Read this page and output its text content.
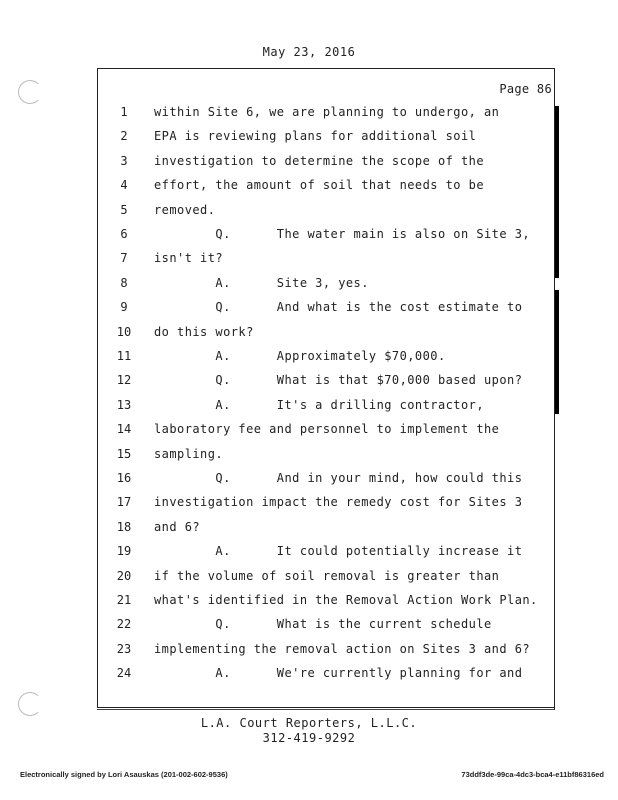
May 23, 2016
Page 86
1	within Site 6, we are planning to undergo, an
2	EPA is reviewing plans for additional soil
3	investigation to determine the scope of the
4	effort, the amount of soil that needs to be
5	removed.
6	Q.      The water main is also on Site 3,
7	isn't it?
8	A.      Site 3, yes.
9	Q.      And what is the cost estimate to
10	do this work?
11	A.      Approximately $70,000.
12	Q.      What is that $70,000 based upon?
13	A.      It's a drilling contractor,
14	laboratory fee and personnel to implement the
15	sampling.
16	Q.      And in your mind, how could this
17	investigation impact the remedy cost for Sites 3
18	and 6?
19	A.      It could potentially increase it
20	if the volume of soil removal is greater than
21	what's identified in the Removal Action Work Plan.
22	Q.      What is the current schedule
23	implementing the removal action on Sites 3 and 6?
24	A.      We're currently planning for and
L.A. Court Reporters, L.L.C.
312-419-9292
Electronically signed by Lori Asauskas (201-002-602-9536)	73ddf3de-99ca-4dc3-bca4-e11bf86316ed
